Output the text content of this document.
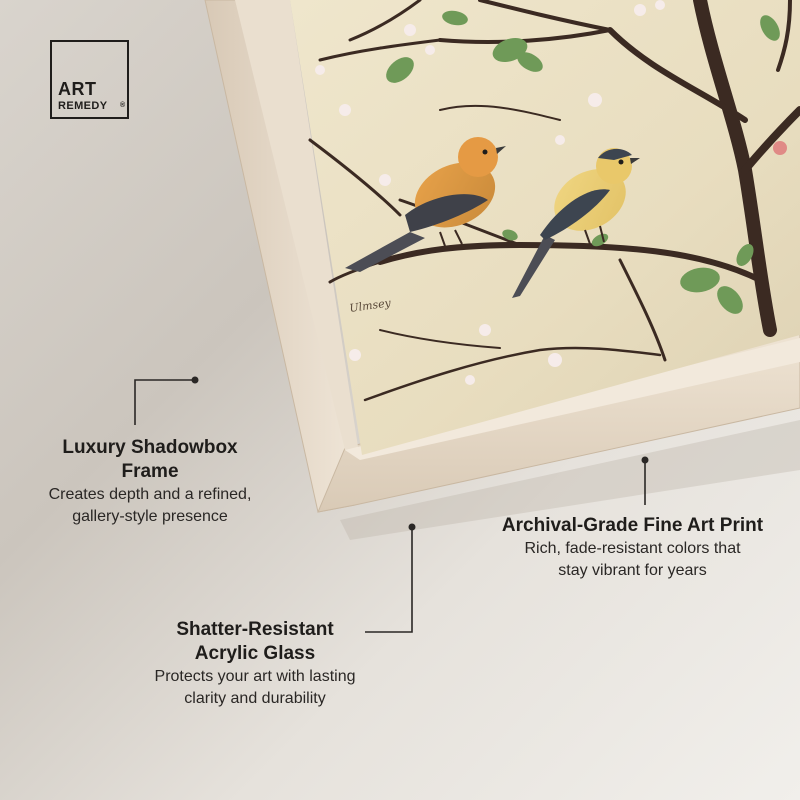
ART
REMEDY ®
Ulmsey
Luxury Shadowbox
Frame
Creates depth and a refined,
gallery-style presence	Archival-Grade Fine Art Print
Rich, fade-resistant colors that
stay vibrant for years
Shatter-Resistant
Acrylic Glass
Protects your art with lasting
clarity and durability
